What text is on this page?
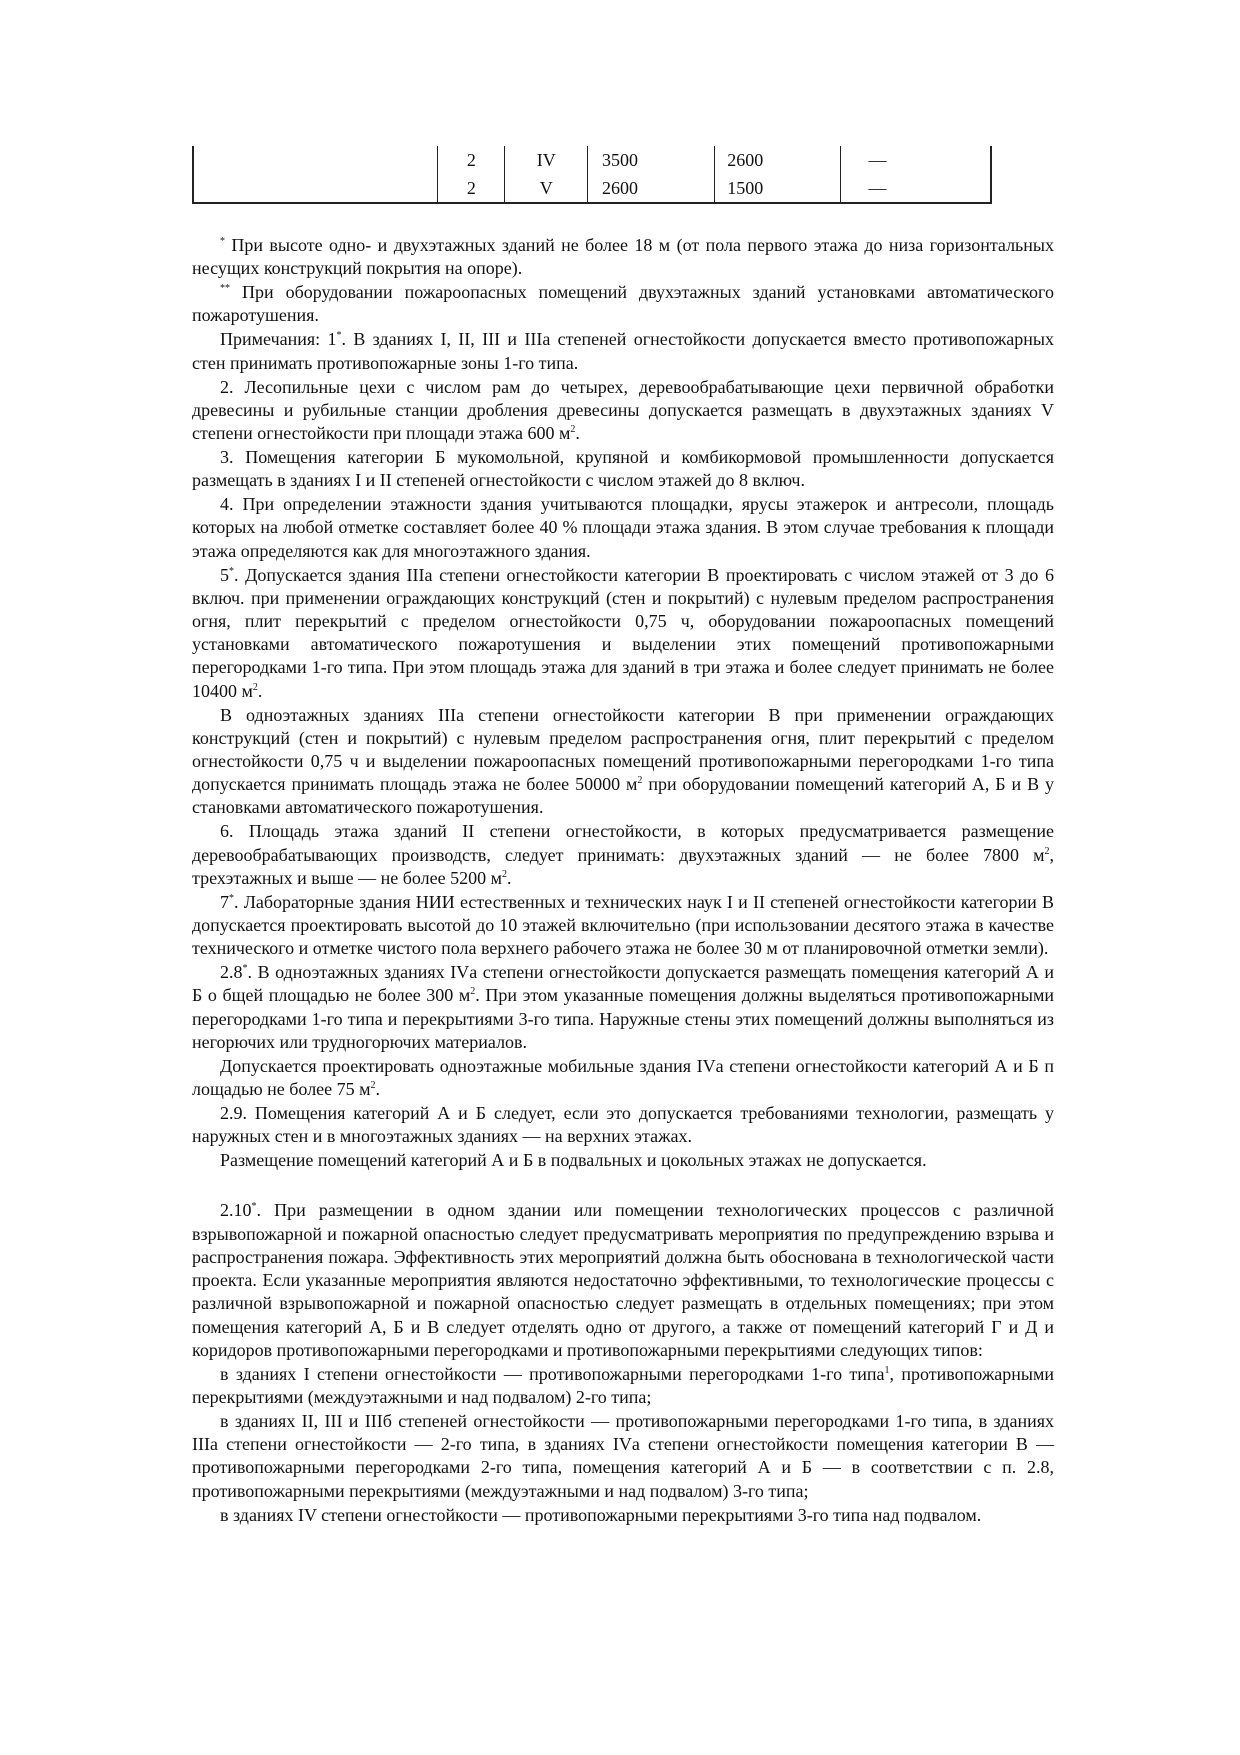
	2	IV	3500	2600	—
	2	V	2600	1500	—

* При высоте одно- и двухэтажных зданий не более 18 м (от пола первого этажа до низа горизонтальных несущих конструкций покрытия на опоре).

** При оборудовании пожароопасных помещений двухэтажных зданий установками автоматического пожаротушения.

Примечания: 1*. В зданиях I, II, III и IIIа степеней огнестойкости допускается вместо противопожарных стен принимать противопожарные зоны 1-го типа.

2. Лесопильные цехи с числом рам до четырех, деревообрабатывающие цехи первичной обработки древесины и рубильные станции дробления древесины допускается размещать в двухэтажных зданиях V степени огнестойкости при площади этажа 600 $м^2$.

3. Помещения категории Б мукомольной, крупяной и комбикормовой промышленности допускается размещать в зданиях I и II степеней огнестойкости с числом этажей до 8 включ.

4. При определении этажности здания учитываются площадки, ярусы этажерок и антресоли, площадь которых на любой отметке составляет более 40 % площади этажа здания. В этом случае требования к площади этажа определяются как для многоэтажного здания.

5*. Допускается здания IIIа степени огнестойкости категории В проектировать с числом этажей от 3 до 6 включ. при применении ограждающих конструкций (стен и покрытий) с нулевым пределом распространения огня, плит перекрытий с пределом огнестойкости 0,75 ч, оборудовании пожароопасных помещений установками автоматического пожаротушения и выделении этих помещений противопожарными перегородками 1-го типа. При этом площадь этажа для зданий в три этажа и более следует принимать не более 10400 $м^2$.

В одноэтажных зданиях IIIа степени огнестойкости категории В при применении ограждающих конструкций (стен и покрытий) с нулевым пределом распространения огня, плит перекрытий с пределом огнестойкости 0,75 ч и выделении пожароопасных помещений противопожарными перегородками 1-го типа допускается принимать площадь этажа не более 50000 $м^2$ при оборудовании помещений категорий А, Б и В у становками автоматического пожаротушения.

6. Площадь этажа зданий II степени огнестойкости, в которых предусматривается размещение деревообрабатывающих производств, следует принимать: двухэтажных зданий — не более 7800 $м^2$, трехэтажных и выше — не более 5200 $м^2$.

7*. Лабораторные здания НИИ естественных и технических наук I и II степеней огнестойкости категории В допускается проектировать высотой до 10 этажей включительно (при использовании десятого этажа в качестве технического и отметке чистого пола верхнего рабочего этажа не более 30 м от планировочной отметки земли).

2.8*. В одноэтажных зданиях IVа степени огнестойкости допускается размещать помещения категорий А и Б о бщей площадью не более 300 $м^2$. При этом указанные помещения должны выделяться противопожарными перегородками 1-го типа и перекрытиями 3-го типа. Наружные стены этих помещений должны выполняться из негорючих или трудногорючих материалов.

Допускается проектировать одноэтажные мобильные здания IVа степени огнестойкости категорий А и Б п лощадью не более 75 $м^2$.

2.9. Помещения категорий А и Б следует, если это допускается требованиями технологии, размещать у наружных стен и в многоэтажных зданиях — на верхних этажах.

Размещение помещений категорий А и Б в подвальных и цокольных этажах не допускается.

2.10*. При размещении в одном здании или помещении технологических процессов с различной взрывопожарной и пожарной опасностью следует предусматривать мероприятия по предупреждению взрыва и распространения пожара. Эффективность этих мероприятий должна быть обоснована в технологической части проекта. Если указанные мероприятия являются недостаточно эффективными, то технологические процессы с различной взрывопожарной и пожарной опасностью следует размещать в отдельных помещениях; при этом помещения категорий А, Б и В следует отделять одно от другого, а также от помещений категорий Г и Д и коридоров противопожарными перегородками и противопожарными перекрытиями следующих типов:

в зданиях I степени огнестойкости — противопожарными перегородками 1-го типа$^1$, противопожарными перекрытиями (междуэтажными и над подвалом) 2-го типа;

в зданиях II, III и IIIб степеней огнестойкости — противопожарными перегородками 1-го типа, в зданиях IIIа степени огнестойкости — 2-го типа, в зданиях IVа степени огнестойкости помещения категории В — противопожарными перегородками 2-го типа, помещения категорий А и Б — в соответствии с п. 2.8, противопожарными перекрытиями (междуэтажными и над подвалом) 3-го типа;

в зданиях IV степени огнестойкости — противопожарными перекрытиями 3-го типа над подвалом.
